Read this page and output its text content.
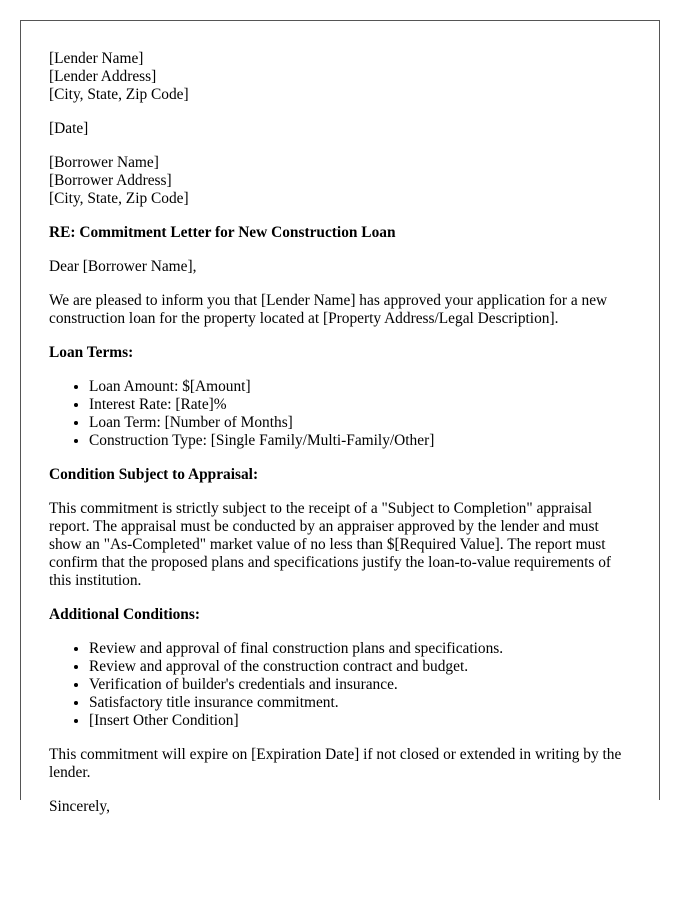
[Lender Name]
[Lender Address]
[City, State, Zip Code]

[Date]

[Borrower Name]
[Borrower Address]
[City, State, Zip Code]

RE: Commitment Letter for New Construction Loan

Dear [Borrower Name],

We are pleased to inform you that [Lender Name] has approved your application for a new construction loan for the property located at [Property Address/Legal Description].

Loan Terms:

• Loan Amount: $[Amount]
• Interest Rate: [Rate]%
• Loan Term: [Number of Months]
• Construction Type: [Single Family/Multi-Family/Other]

Condition Subject to Appraisal:

This commitment is strictly subject to the receipt of a "Subject to Completion" appraisal report. The appraisal must be conducted by an appraiser approved by the lender and must show an "As-Completed" market value of no less than $[Required Value]. The report must confirm that the proposed plans and specifications justify the loan-to-value requirements of this institution.

Additional Conditions:

• Review and approval of final construction plans and specifications.
• Review and approval of the construction contract and budget.
• Verification of builder's credentials and insurance.
• Satisfactory title insurance commitment.
• [Insert Other Condition]

This commitment will expire on [Expiration Date] if not closed or extended in writing by the lender.

Sincerely,
